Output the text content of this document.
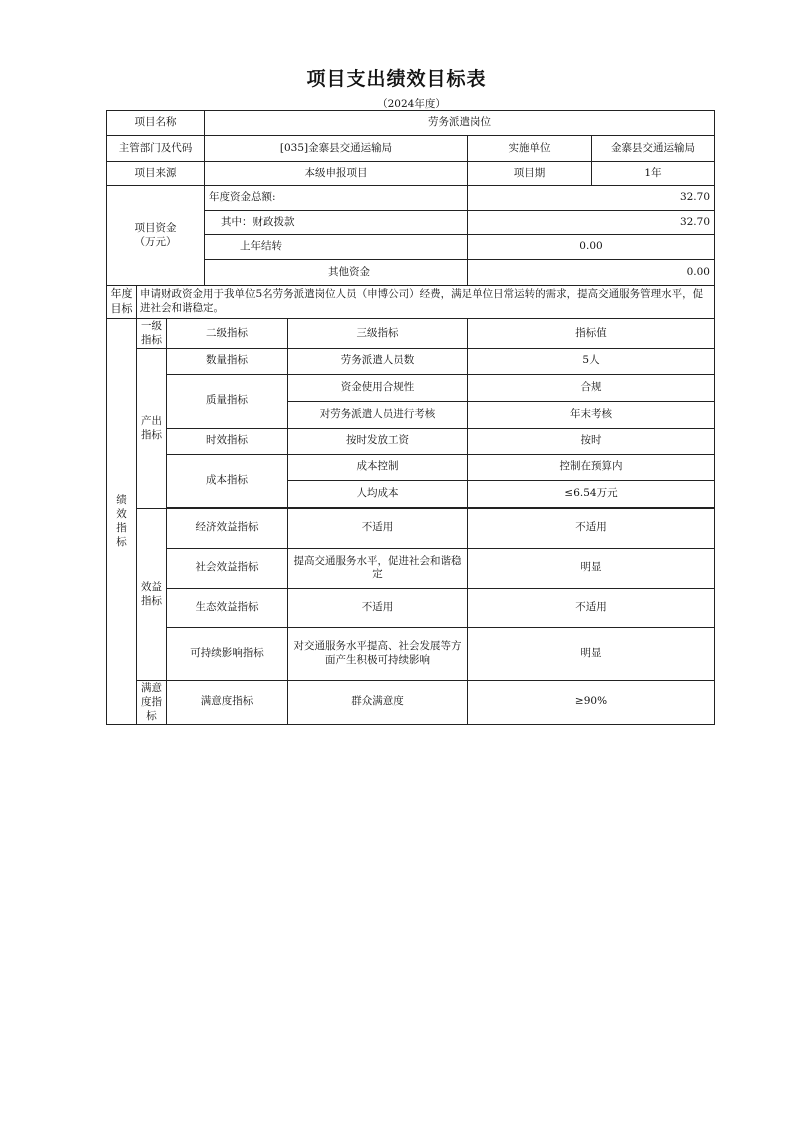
项目支出绩效目标表
（2024年度）
项目名称			劳务派遣岗位			
主管部门及代码			[035]金寨县交通运输局		实施单位	金寨县交通运输局
项目来源			本级申报项目		项目期	1年
项目资金
（万元）			年度资金总额:		32.70	
			其中：财政拨款		32.70	
			上年结转		0.00	
			其他资金		0.00	
年度目标	申请财政资金用于我单位5名劳务派遣岗位人员（申博公司）经费，满足单位日常运转的需求，提高交通服务管理水平，促进社会和谐稳定。					
绩效指标	一级指标	二级指标		三级指标	指标值	
	产出指标	数量指标		劳务派遣人员数	5人	
		质量指标		资金使用合规性	合规	
				对劳务派遣人员进行考核	年末考核	
		时效指标		按时发放工资	按时	
		成本指标		成本控制	控制在预算内	
				人均成本	≤6.54万元	

	效益指标	经济效益指标		不适用	不适用	
		社会效益指标		提高交通服务水平，促进社会和谐稳定	明显	
		生态效益指标		不适用	不适用	
		可持续影响指标		对交通服务水平提高、社会发展等方面产生积极可持续影响	明显	
	满意度指标	满意度指标		群众满意度	≥90%	
